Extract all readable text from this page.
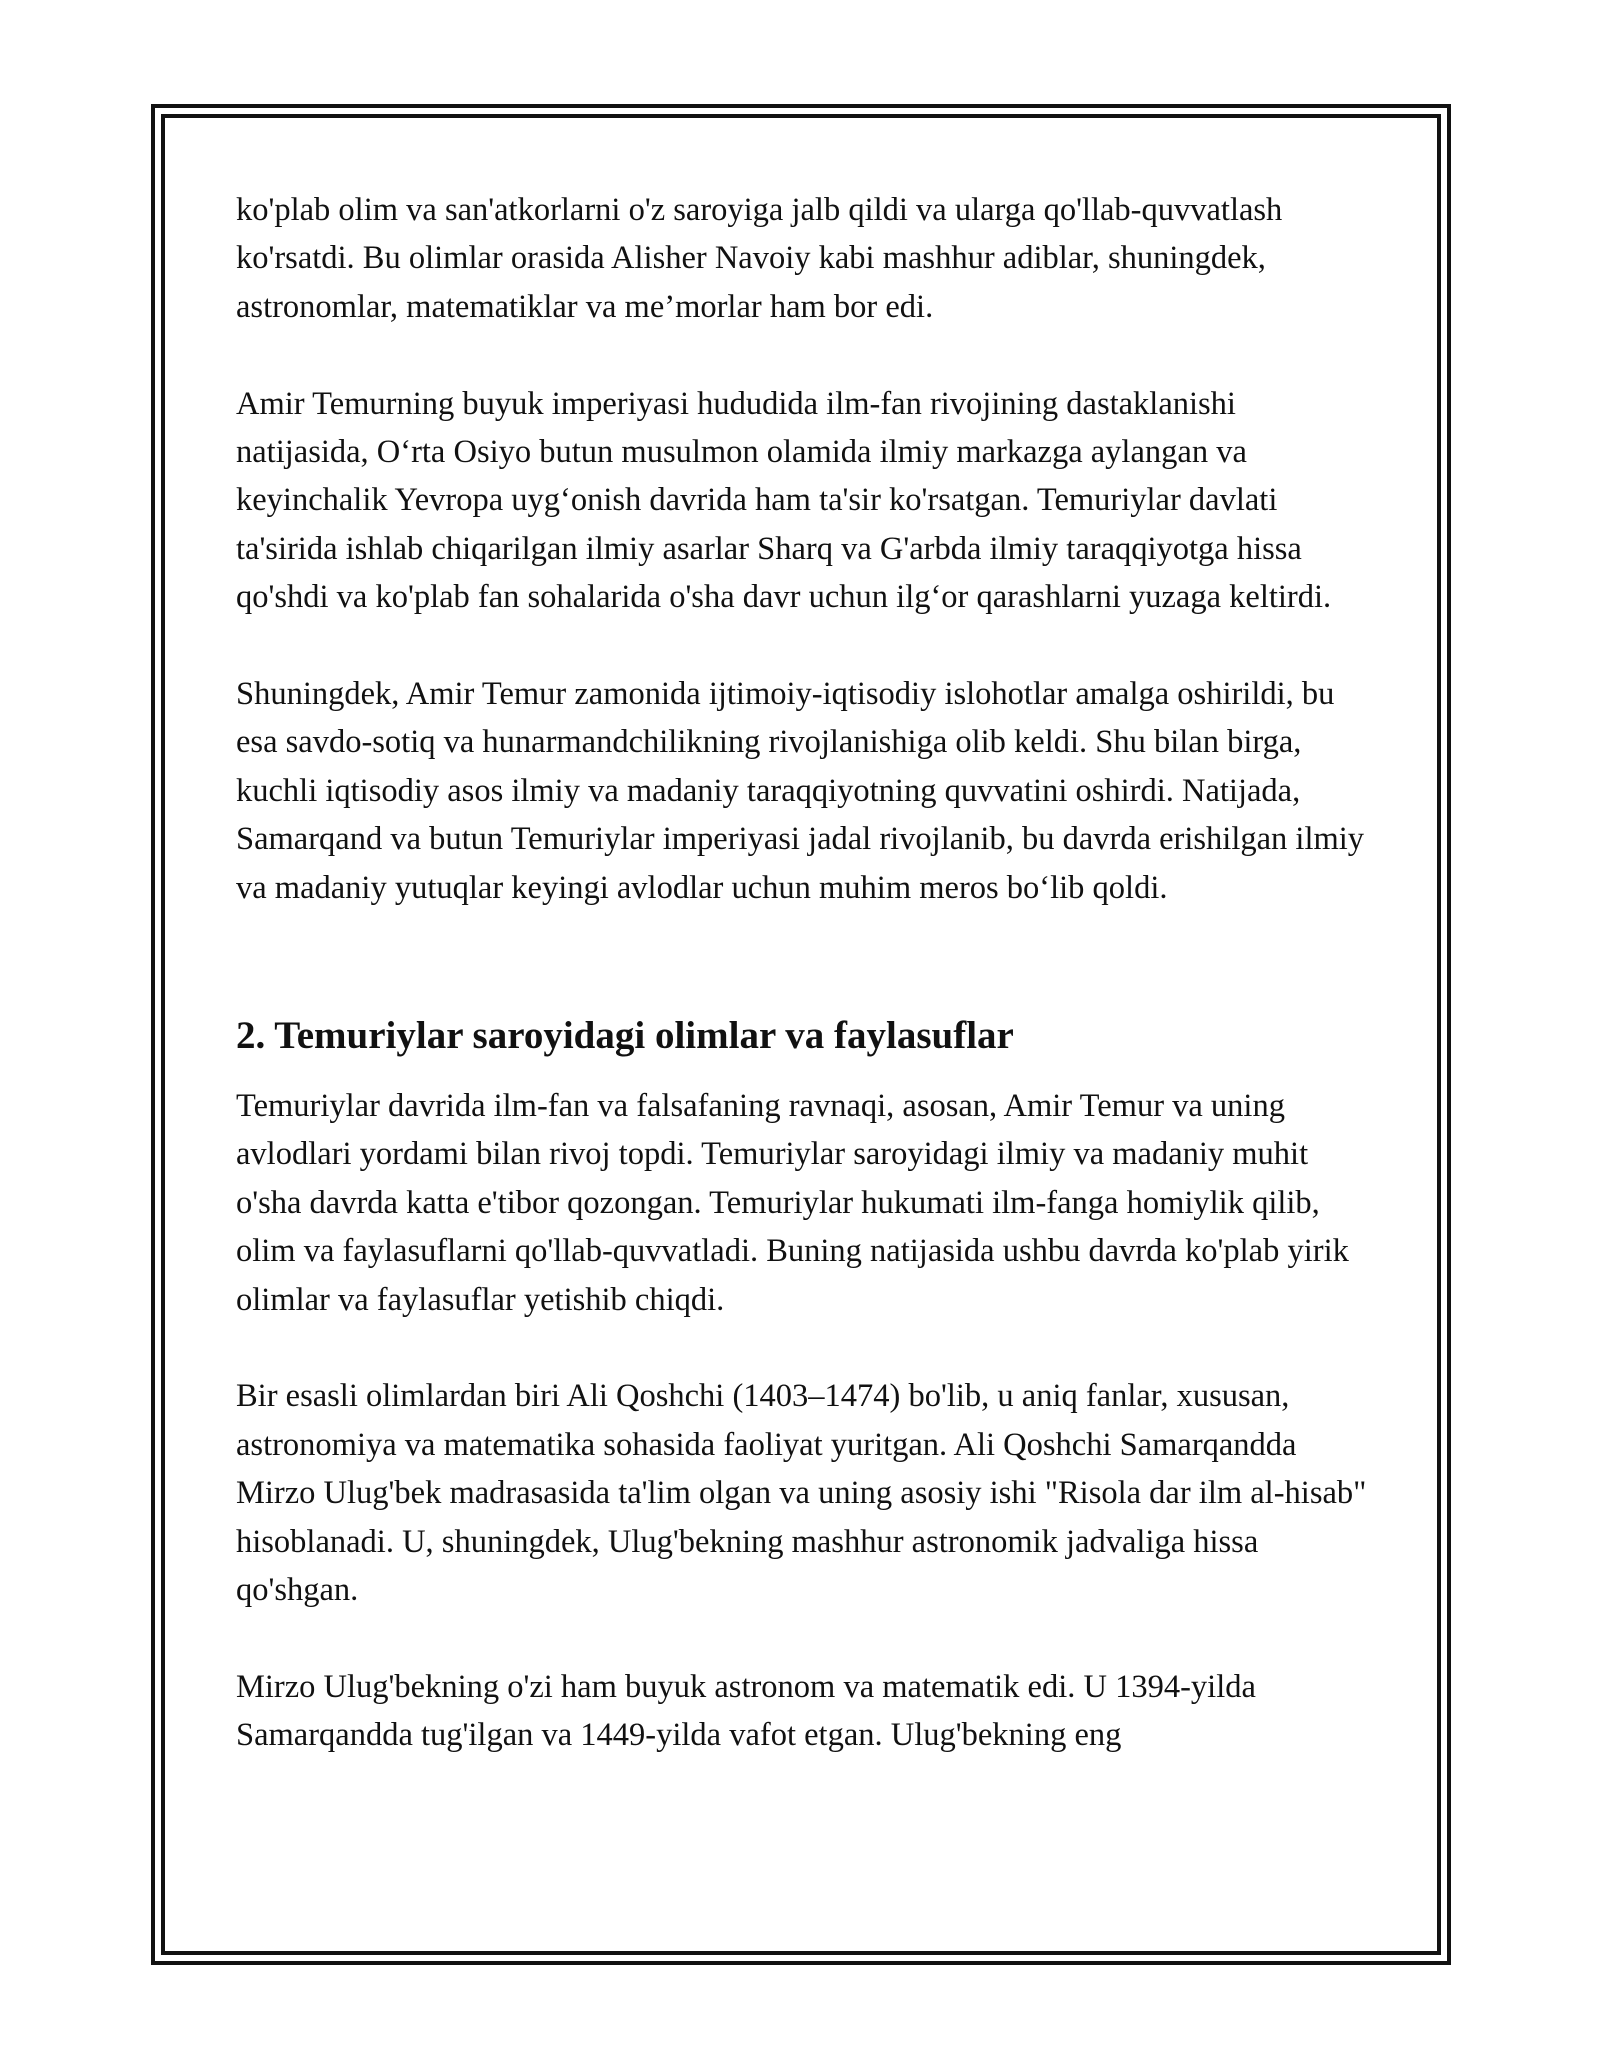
ko'plab olim va san'atkorlarni o'z saroyiga jalb qildi va ularga qo'llab-quvvatlash ko'rsatdi. Bu olimlar orasida Alisher Navoiy kabi mashhur adiblar, shuningdek, astronomlar, matematiklar va me’morlar ham bor edi.

Amir Temurning buyuk imperiyasi hududida ilm-fan rivojining dastaklanishi natijasida, O‘rta Osiyo butun musulmon olamida ilmiy markazga aylangan va keyinchalik Yevropa uyg‘onish davrida ham ta'sir ko'rsatgan. Temuriylar davlati ta'sirida ishlab chiqarilgan ilmiy asarlar Sharq va G'arbda ilmiy taraqqiyotga hissa qo'shdi va ko'plab fan sohalarida o'sha davr uchun ilg‘or qarashlarni yuzaga keltirdi.

Shuningdek, Amir Temur zamonida ijtimoiy-iqtisodiy islohotlar amalga oshirildi, bu esa savdo-sotiq va hunarmandchilikning rivojlanishiga olib keldi. Shu bilan birga, kuchli iqtisodiy asos ilmiy va madaniy taraqqiyotning quvvatini oshirdi. Natijada, Samarqand va butun Temuriylar imperiyasi jadal rivojlanib, bu davrda erishilgan ilmiy va madaniy yutuqlar keyingi avlodlar uchun muhim meros bo‘lib qoldi.

2. Temuriylar saroyidagi olimlar va faylasuflar

Temuriylar davrida ilm-fan va falsafaning ravnaqi, asosan, Amir Temur va uning avlodlari yordami bilan rivoj topdi. Temuriylar saroyidagi ilmiy va madaniy muhit o'sha davrda katta e'tibor qozongan. Temuriylar hukumati ilm-fanga homiylik qilib, olim va faylasuflarni qo'llab-quvvatladi. Buning natijasida ushbu davrda ko'plab yirik olimlar va faylasuflar yetishib chiqdi.

Bir esasli olimlardan biri Ali Qoshchi (1403–1474) bo'lib, u aniq fanlar, xususan, astronomiya va matematika sohasida faoliyat yuritgan. Ali Qoshchi Samarqandda Mirzo Ulug'bek madrasasida ta'lim olgan va uning asosiy ishi "Risola dar ilm al-hisab" hisoblanadi. U, shuningdek, Ulug'bekning mashhur astronomik jadvaliga hissa qo'shgan.

Mirzo Ulug'bekning o'zi ham buyuk astronom va matematik edi. U 1394-yilda Samarqandda tug'ilgan va 1449-yilda vafot etgan. Ulug'bekning eng
